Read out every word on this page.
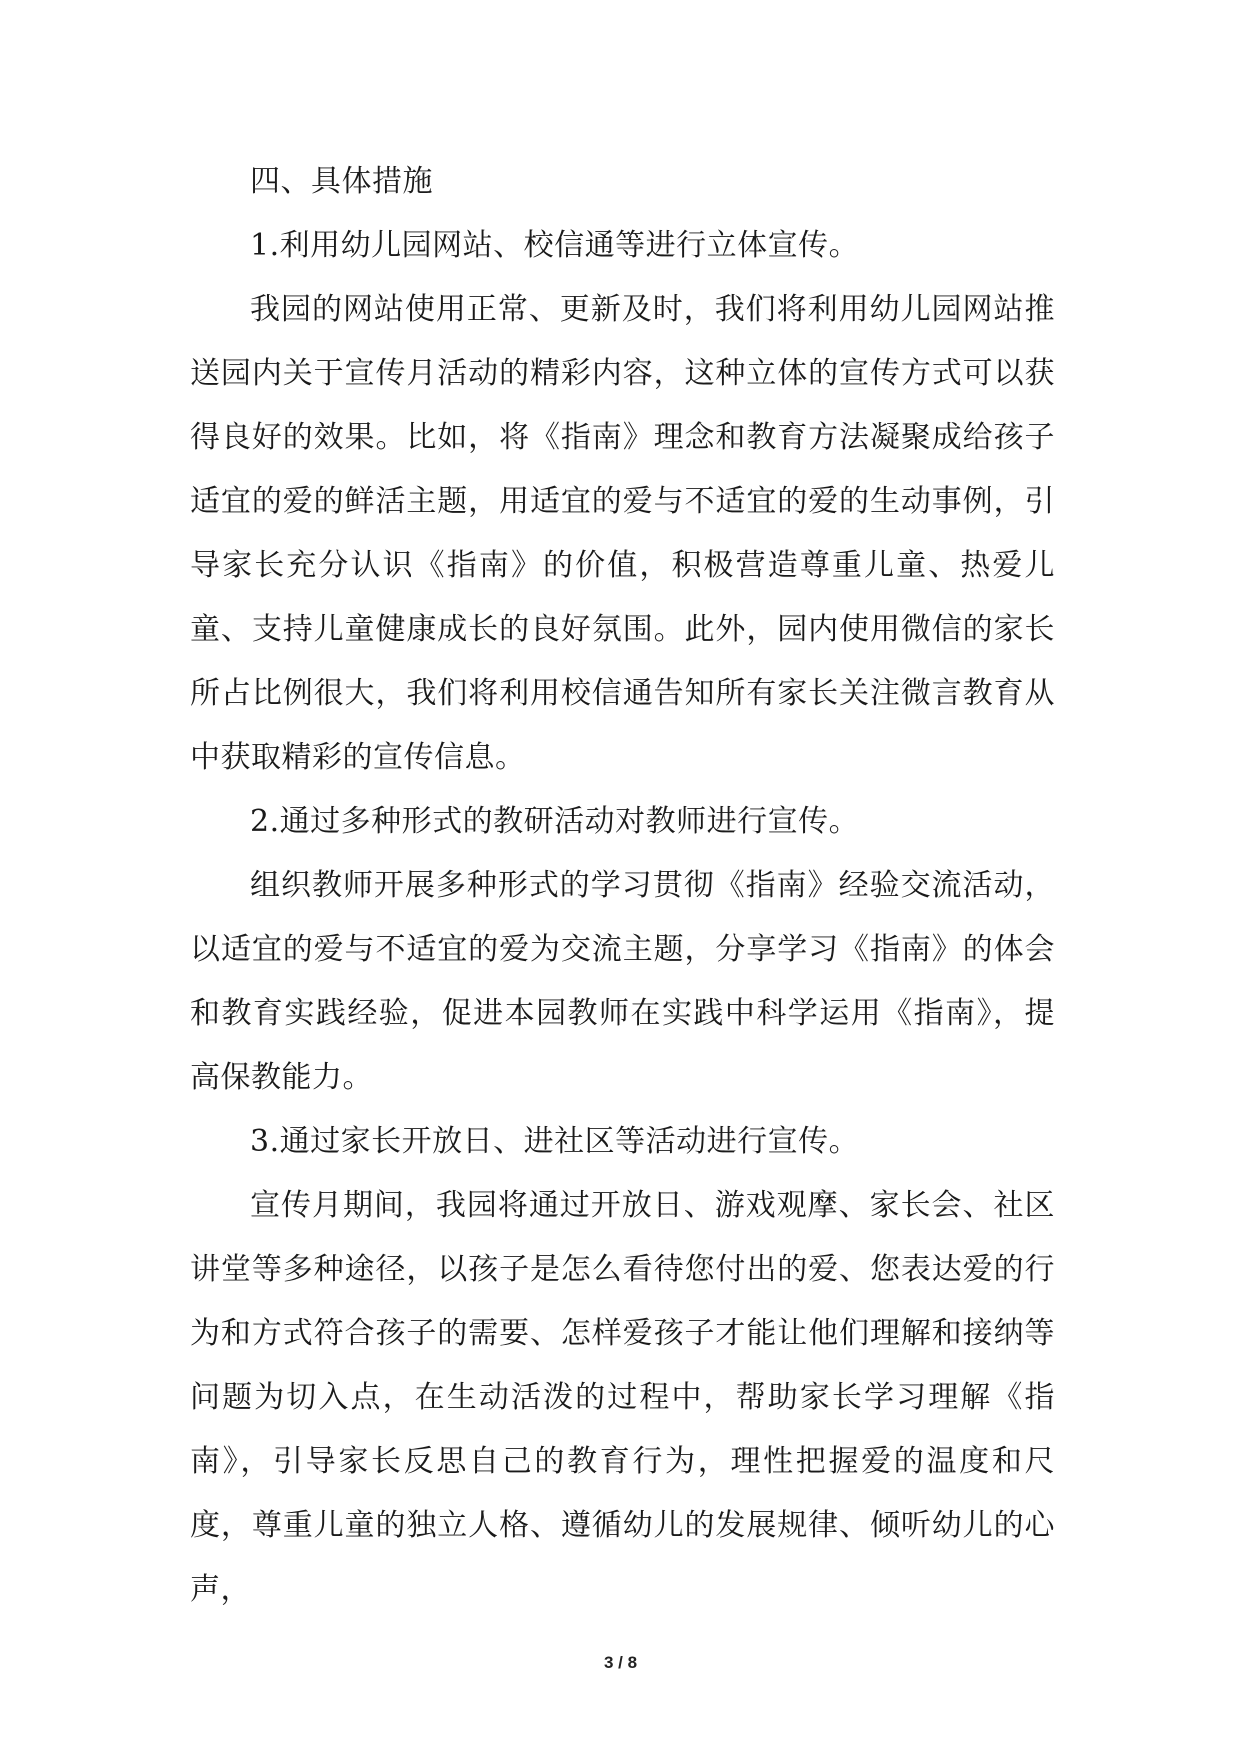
四、具体措施

1.利用幼儿园网站、校信通等进行立体宣传。

我园的网站使用正常、更新及时，我们将利用幼儿园网站推送园内关于宣传月活动的精彩内容，这种立体的宣传方式可以获得良好的效果。比如，将《指南》理念和教育方法凝聚成给孩子适宜的爱的鲜活主题，用适宜的爱与不适宜的爱的生动事例，引导家长充分认识《指南》的价值，积极营造尊重儿童、热爱儿童、支持儿童健康成长的良好氛围。此外，园内使用微信的家长所占比例很大，我们将利用校信通告知所有家长关注微言教育从中获取精彩的宣传信息。

2.通过多种形式的教研活动对教师进行宣传。

组织教师开展多种形式的学习贯彻《指南》经验交流活动，以适宜的爱与不适宜的爱为交流主题，分享学习《指南》的体会和教育实践经验，促进本园教师在实践中科学运用《指南》，提高保教能力。

3.通过家长开放日、进社区等活动进行宣传。

宣传月期间，我园将通过开放日、游戏观摩、家长会、社区讲堂等多种途径，以孩子是怎么看待您付出的爱、您表达爱的行为和方式符合孩子的需要、怎样爱孩子才能让他们理解和接纳等问题为切入点，在生动活泼的过程中，帮助家长学习理解《指南》，引导家长反思自己的教育行为，理性把握爱的温度和尺度，尊重儿童的独立人格、遵循幼儿的发展规律、倾听幼儿的心声，

3 / 8
